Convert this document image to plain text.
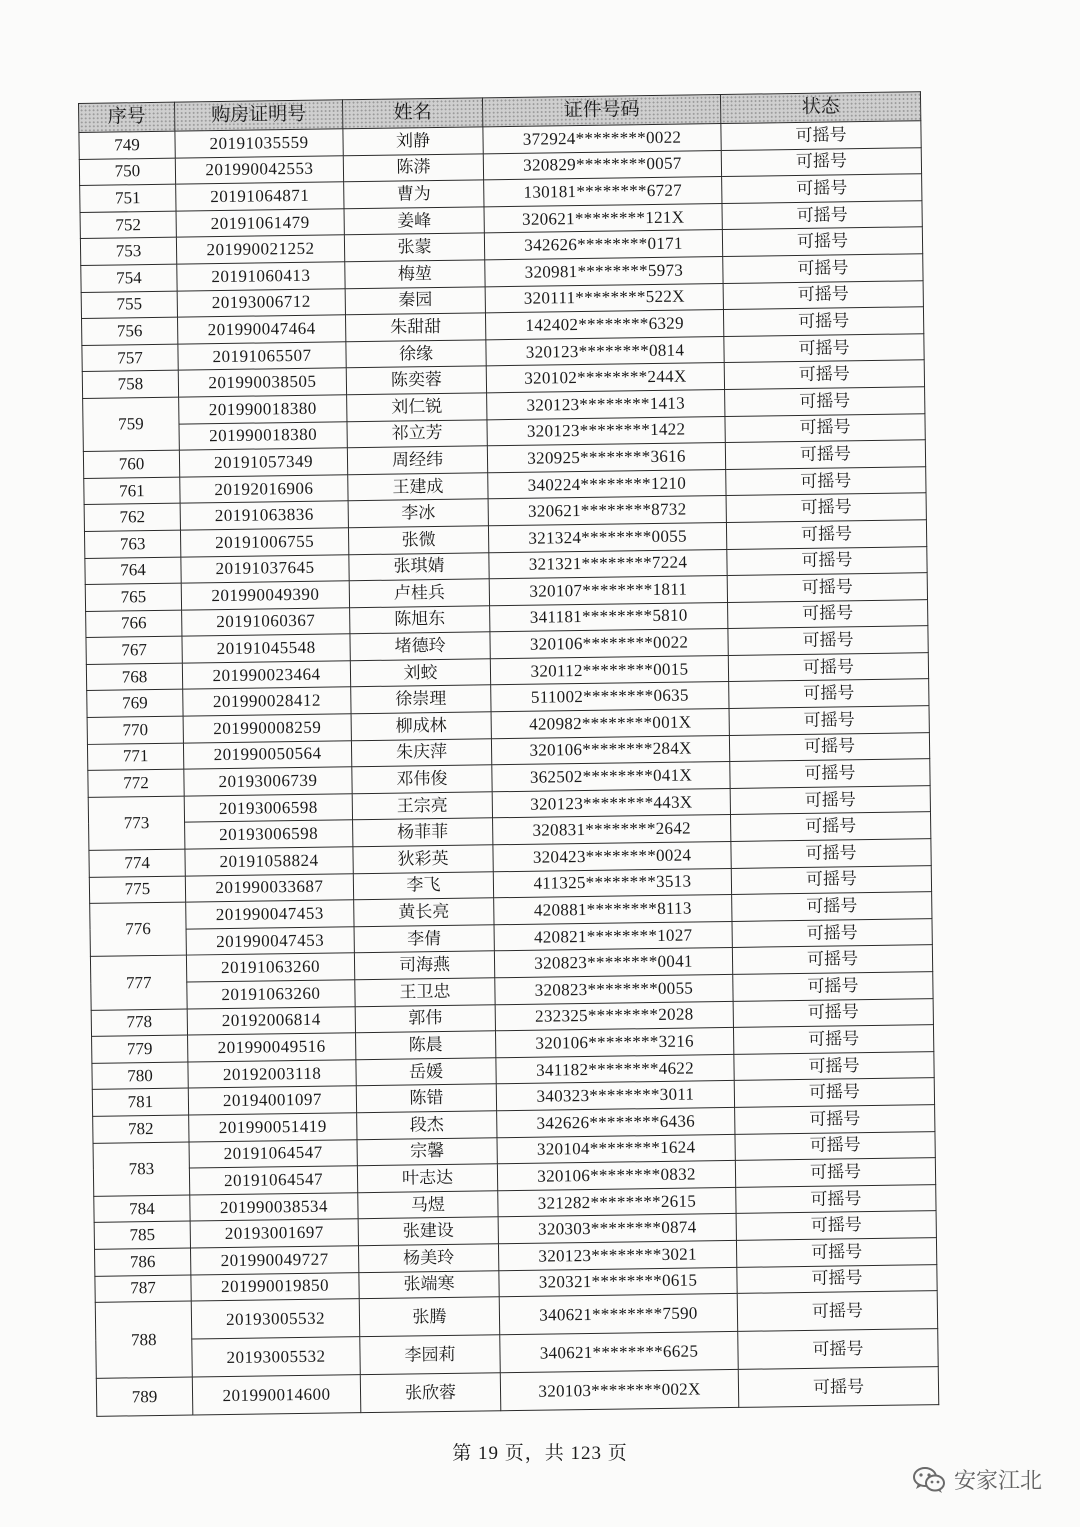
序号	购房证明号	姓名	证件号码	状态
749	20191035559	刘静	372924********0022	可摇号
750	201990042553	陈漭	320829********0057	可摇号
751	20191064871	曹为	130181********6727	可摇号
752	20191061479	姜峰	320621********121X	可摇号
753	201990021252	张蒙	342626********0171	可摇号
754	20191060413	梅堃	320981********5973	可摇号
755	20193006712	秦园	320111********522X	可摇号
756	201990047464	朱甜甜	142402********6329	可摇号
757	20191065507	徐缘	320123********0814	可摇号
758	201990038505	陈奕蓉	320102********244X	可摇号
759	201990018380	刘仁锐	320123********1413	可摇号
	201990018380	祁立芳	320123********1422	可摇号
760	20191057349	周经纬	320925********3616	可摇号
761	20192016906	王建成	340224********1210	可摇号
762	20191063836	李冰	320621********8732	可摇号
763	20191006755	张微	321324********0055	可摇号
764	20191037645	张琪婧	321321********7224	可摇号
765	201990049390	卢桂兵	320107********1811	可摇号
766	20191060367	陈旭东	341181********5810	可摇号
767	20191045548	堵德玲	320106********0022	可摇号
768	201990023464	刘蛟	320112********0015	可摇号
769	201990028412	徐崇理	511002********0635	可摇号
770	201990008259	柳成林	420982********001X	可摇号
771	201990050564	朱庆萍	320106********284X	可摇号
772	20193006739	邓伟俊	362502********041X	可摇号
773	20193006598	王宗亮	320123********443X	可摇号
	20193006598	杨菲菲	320831********2642	可摇号
774	20191058824	狄彩英	320423********0024	可摇号
775	201990033687	李飞	411325********3513	可摇号
776	201990047453	黄长亮	420881********8113	可摇号
	201990047453	李倩	420821********1027	可摇号
777	20191063260	司海燕	320823********0041	可摇号
	20191063260	王卫忠	320823********0055	可摇号
778	20192006814	郭伟	232325********2028	可摇号
779	201990049516	陈晨	320106********3216	可摇号
780	20192003118	岳媛	341182********4622	可摇号
781	20194001097	陈错	340323********3011	可摇号
782	201990051419	段杰	342626********6436	可摇号
783	20191064547	宗馨	320104********1624	可摇号
	20191064547	叶志达	320106********0832	可摇号
784	201990038534	马煜	321282********2615	可摇号
785	20193001697	张建设	320303********0874	可摇号
786	201990049727	杨美玲	320123********3021	可摇号
787	201990019850	张端寒	320321********0615	可摇号
788	20193005532	张腾	340621********7590	可摇号
	20193005532	李园莉	340621********6625	可摇号
789	201990014600	张欣蓉	320103********002X	可摇号
第 19 页，共 123 页
安家江北
